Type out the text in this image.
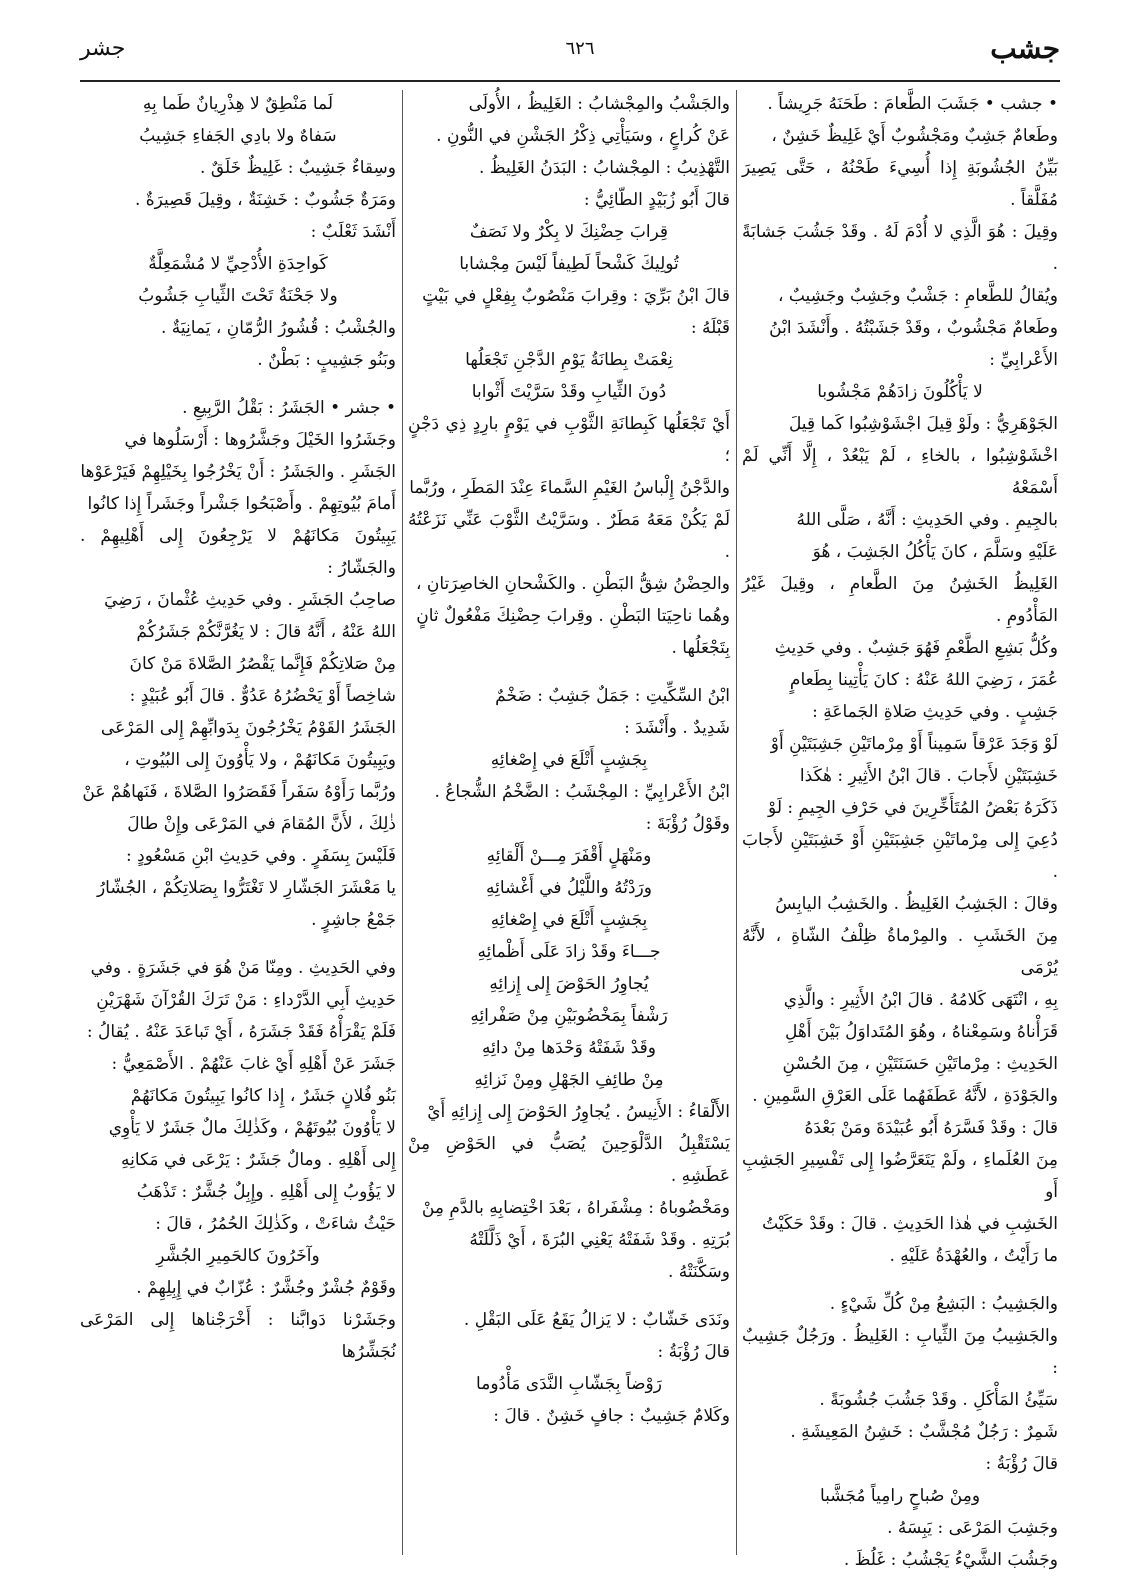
جشب
٦٢٦
جشر

• جشب • جَشَبَ الطَّعامَ : طَحَنَهُ جَرِيشاً .

وطَعامٌ جَشِبٌ ومَجْشُوبٌ أَيْ غَلِيظٌ خَشِنٌ ،

بَيِّنُ الجُشُوبَةِ إِذا أُسِيءَ طَحْنُهُ ، حَتَّى يَصِيرَ مُفَلَّقاً .

وقِيلَ : هُوَ الَّذِي لا أُدْمَ لَهُ . وقَدْ جَشُبَ جَشابَةً .

ويُقالُ للطَّعامِ : جَشْبٌ وجَشِبٌ وجَشِيبٌ ،

وطَعامٌ مَجْشُوبٌ ، وقَدْ جَشَبْتُهُ . وأَنْشَدَ ابْنُ

الأَعْرابِيِّ :

لا يَأْكُلُونَ زادَهُمْ مَجْشُوبا

الجَوْهَرِيُّ : ولَوْ قِيلَ اجْشَوْشِبُوا كَما قِيلَ

اخْشَوْشِبُوا ، بالخاءِ ، لَمْ يَبْعُدْ ، إِلَّا أَنِّي لَمْ أَسْمَعْهُ

بالجِيمِ . وفي الحَدِيثِ : أَنَّهُ ، صَلَّى اللهُ

عَلَيْهِ وسَلَّمَ ، كانَ يَأْكُلُ الجَشِبَ ، هُوَ

الغَلِيظُ الخَشِنُ مِنَ الطَّعامِ ، وقِيلَ غَيْرُ المَأْدُومِ .

وكُلُّ بَشِعِ الطَّعْمِ فَهُوَ جَشِبٌ . وفي حَدِيثِ

عُمَرَ ، رَضِيَ اللهُ عَنْهُ : كانَ يَأْتِينا بِطَعامٍ

جَشِبٍ . وفي حَدِيثِ صَلاةِ الجَماعَةِ :

لَوْ وَجَدَ عَرْقاً سَمِيناً أَوْ مِرْماتَيْنِ جَشِبَتَيْنِ أَوْ

خَشِبَتَيْنِ لأَجابَ . قالَ ابْنُ الأَثِيرِ : هٰكَذا

ذَكَرَهُ بَعْضُ المُتَأَخِّرِينَ في حَرْفِ الجِيمِ : لَوْ

دُعِيَ إِلى مِرْماتَيْنِ جَشِبَتَيْنِ أَوْ خَشِبَتَيْنِ لأَجابَ .

وقالَ : الجَشِبُ الغَلِيظُ . والخَشِبُ اليابِسُ

مِنَ الخَشَبِ . والمِرْماةُ ظِلْفُ الشّاةِ ، لأَنَّهُ يُرْمَى

بِهِ ، انْتَهَى كَلامُهُ . قالَ ابْنُ الأَثِيرِ : والَّذِي

قَرَأْناهُ وسَمِعْناهُ ، وهُوَ المُتَداوَلُ بَيْنَ أَهْلِ

الحَدِيثِ : مِرْماتَيْنِ حَسَنَتَيْنِ ، مِنَ الحُسْنِ

والجَوْدَةِ ، لأَنَّهُ عَطَفَهُما عَلَى العَرْقِ السَّمِينِ .

قالَ : وقَدْ فَسَّرَهُ أَبُو عُبَيْدَةَ ومَنْ بَعْدَهُ

مِنَ العُلَماءِ ، ولَمْ يَتَعَرَّضُوا إِلى تَفْسِيرِ الجَشِبِ أَو

الخَشِبِ في هٰذا الحَدِيثِ . قالَ : وقَدْ حَكَيْتُ

ما رَأَيْتُ ، والعُهْدَةُ عَلَيْهِ .

والجَشِيبُ : البَشِعُ مِنْ كُلِّ شَيْءٍ .

والجَشِيبُ مِنَ الثِّيابِ : الغَلِيظُ . ورَجُلٌ جَشِيبٌ :

سَيِّئُ المَأْكَلِ . وقَدْ جَشُبَ جُشُوبَةً .

شَمِرٌ : رَجُلٌ مُجْشَّبٌ : خَشِنُ المَعِيشَةِ .

قالَ رُؤْبَةُ :

ومِنْ صُباحٍ رامِياً مُجَشَّبا

وجَشِبَ المَرْعَى : يَبِسَهُ .

وجَشُبَ الشَّيْءُ يَجْشُبُ : غَلُظَ .

والجَشْبُ والمِجْشابُ : الغَلِيظُ ، الأُولَى

عَنْ كُراعٍ ، وسَيَأْتِي ذِكْرُ الجَشْنِ في النُّونِ .

التَّهْذِيبُ : المِجْشابُ : البَدَنُ الغَلِيظُ .

قالَ أَبُو زُبَيْدٍ الطّائِيُّ :

قِرابَ حِضْنِكَ لا بِكْرٌ ولا نَصَفٌ

تُولِيكَ كَشْحاً لَطِيفاً لَيْسَ مِجْشابا

قالَ ابْنُ بَرِّيَ : وقِرابَ مَنْصُوبٌ بِفِعْلٍ في بَيْتٍ

قَبْلَهُ :

نِعْمَتْ بِطانَةُ يَوْمِ الدَّجْنِ تَجْعَلُها

دُونَ الثِّيابِ وقَدْ سَرَّيْتَ أَثْوابا

أَيْ تَجْعَلُها كَبِطانَةِ الثَّوْبِ في يَوْمٍ بارِدٍ ذِي دَجْنٍ ؛

والدَّجْنُ إِلْباسُ الغَيْمِ السَّماءَ عِنْدَ المَطَرِ ، ورُبَّما

لَمْ يَكُنْ مَعَهُ مَطَرٌ . وسَرَّيْتُ الثَّوْبَ عَنِّي نَزَعْتُهُ .

والحِضْنُ شِقُّ البَطْنِ . والكَشْحانِ الخاصِرَتانِ ،

وهُما ناحِيَتا البَطْنِ . وقِرابَ حِضْنِكَ مَفْعُولٌ ثانٍ

بِتَجْعَلُها .

ابْنُ السِّكِّيتِ : جَمَلٌ جَشِبٌ : ضَخْمٌ

شَدِيدٌ . وأَنْشَدَ :

بِجَشِبٍ أَتْلَعَ في إِصْغائِهِ

ابْنُ الأَعْرابِيِّ : المِجْشَبُ : الضَّخْمُ الشُّجاعُ .

وقَوْلُ رُؤْبَةَ :

ومَنْهَلٍ أَقْفَرَ مِـــنْ أَلْقائِهِ

ورَدْتُهُ واللَّيْلُ في أَغْشائِهِ

بِجَشِبٍ أَتْلَعَ في إِصْغائِهِ

جـــاءَ وقَدْ زادَ عَلَى أَظْمائِهِ

يُجاوِرُ الحَوْضَ إِلى إِزائِهِ

رَشْفاً بِمَخْضُوبَيْنِ مِنْ صَفْرائِهِ

وقَدْ شَفَتْهُ وَحْدَها مِنْ دائِهِ

مِنْ طائِفِ الجَهْلِ ومِنْ نَزائِهِ

الأَلْقاءُ : الأَنِيسُ . يُجاوِرُ الحَوْضَ إِلى إِزائِهِ أَيْ

يَسْتَقْبِلُ الدَّلْوَحِينَ يُصَبُّ في الحَوْضِ مِنْ عَطَشِهِ .

ومَخْضُوباهُ : مِشْفَراهُ ، بَعْدَ اخْتِضابِهِ بالدَّمِ مِنْ

بُرَتِهِ . وقَدْ شَفَتْهُ يَعْنِي البُرَةَ ، أَيْ ذَلَّلَتْهُ

وسَكَّنَتْهُ .

ونَدَى خَشّابٌ : لا يَزالُ يَقَعُ عَلَى البَقْلِ .

قالَ رُؤْبَةُ :

رَوْضاً بِجَشّابِ النَّدَى مَأْدُوما

وكَلامٌ جَشِيبٌ : جافٍ خَشِنٌ . قالَ :

لَما مَنْطِقٌ لا هِذْرِيانٌ طَما بِهِ

سَفاهٌ ولا بادِي الجَفاءِ جَشِيبُ

وسِقاءٌ جَشِيبٌ : غَلِيظٌ خَلَقٌ .

ومَرَةٌ جَشُوبٌ : خَشِنَةٌ ، وقِيلَ قَصِيرَةٌ .

أَنْشَدَ ثَعْلَبٌ :

كَواحِدَةِ الأُدْحِيِّ لا مُشْمَعِلَّةٌ

ولا جَحْنَةٌ تَحْتَ الثِّيابِ جَشُوبُ

والجُشْبُ : قُشُورُ الرُّمّانِ ، يَمانِيَةٌ .

وبَنُو جَشِيبٍ : بَطْنٌ .

• جشر • الجَشَرُ : بَقْلُ الرَّبِيعِ .

وجَشَرُوا الخَيْلَ وجَشَّرُوها : أَرْسَلُوها في

الجَشَرِ . والجَشَرُ : أَنْ يَخْرُجُوا بِخَيْلِهِمْ فَيَرْعَوْها

أَمامَ بُيُوتِهِمْ . وأَصْبَحُوا جَشْراً وجَشَراً إِذا كانُوا

يَبِيتُونَ مَكانَهُمْ لا يَرْجِعُونَ إِلى أَهْلِيهِمْ . والجَشّارُ :

صاحِبُ الجَشَرِ . وفي حَدِيثِ عُثْمانَ ، رَضِيَ

اللهُ عَنْهُ ، أَنَّهُ قالَ : لا يَغُرَّنَّكُمْ جَشَرُكُمْ

مِنْ صَلاتِكُمْ فَإِنَّما يَقْصُرُ الصَّلاةَ مَنْ كانَ

شاخِصاً أَوْ يَحْضُرُهُ عَدُوٌّ . قالَ أَبُو عُبَيْدٍ :

الجَشَرُ القَوْمُ يَخْرُجُونَ بِدَوابِّهِمْ إِلى المَرْعَى

ويَبِيتُونَ مَكانَهُمْ ، ولا يَأْوُونَ إِلى البُيُوتِ ،

ورُبَّما رَأَوْهُ سَفَراً فَقَصَرُوا الصَّلاةَ ، فَنَهاهُمْ عَنْ

ذٰلِكَ ، لأَنَّ المُقامَ في المَرْعَى وإِنْ طالَ

فَلَيْسَ بِسَفَرٍ . وفي حَدِيثِ ابْنِ مَسْعُودٍ :

يا مَعْشَرَ الجَشّارِ لا تَغْتَرُّوا بِصَلاتِكُمْ ، الجُشّارُ

جَمْعُ جاشِرٍ .

وفي الحَدِيثِ . ومِنّا مَنْ هُوَ في جَشَرَةٍ . وفي

حَدِيثِ أَبِي الدَّرْداءِ : مَنْ تَرَكَ القُرْآنَ شَهْرَيْنِ

فَلَمْ يَقْرَأْهُ فَقَدْ جَشَرَهُ ، أَيْ تَباعَدَ عَنْهُ . يُقالُ :

جَشَرَ عَنْ أَهْلِهِ أَيْ غابَ عَنْهُمْ . الأَصْمَعِيُّ :

بَنُو فُلانٍ جَشَرٌ ، إِذا كانُوا يَبِيتُونَ مَكانَهُمْ

لا يَأْوُونَ بُيُوتَهُمْ ، وكَذٰلِكَ مالٌ جَشَرٌ لا يَأْوِي

إِلى أَهْلِهِ . ومالٌ جَشَرٌ : يَرْعَى في مَكانِهِ

لا يَؤُوبُ إِلى أَهْلِهِ . وإِبِلٌ جُشَّرٌ : تَذْهَبُ

حَيْثُ شاءَتْ ، وكَذٰلِكَ الحُمُرُ ، قالَ :

وآخَرُونَ كالحَمِيرِ الجُشَّرِ

وقَوْمٌ جُشْرٌ وجُشَّرٌ : عُزّابٌ في إِبِلِهِمْ .

وجَشَرْنا دَوابَّنا : أَخْرَجْناها إِلى المَرْعَى نُجَشِّرُها
